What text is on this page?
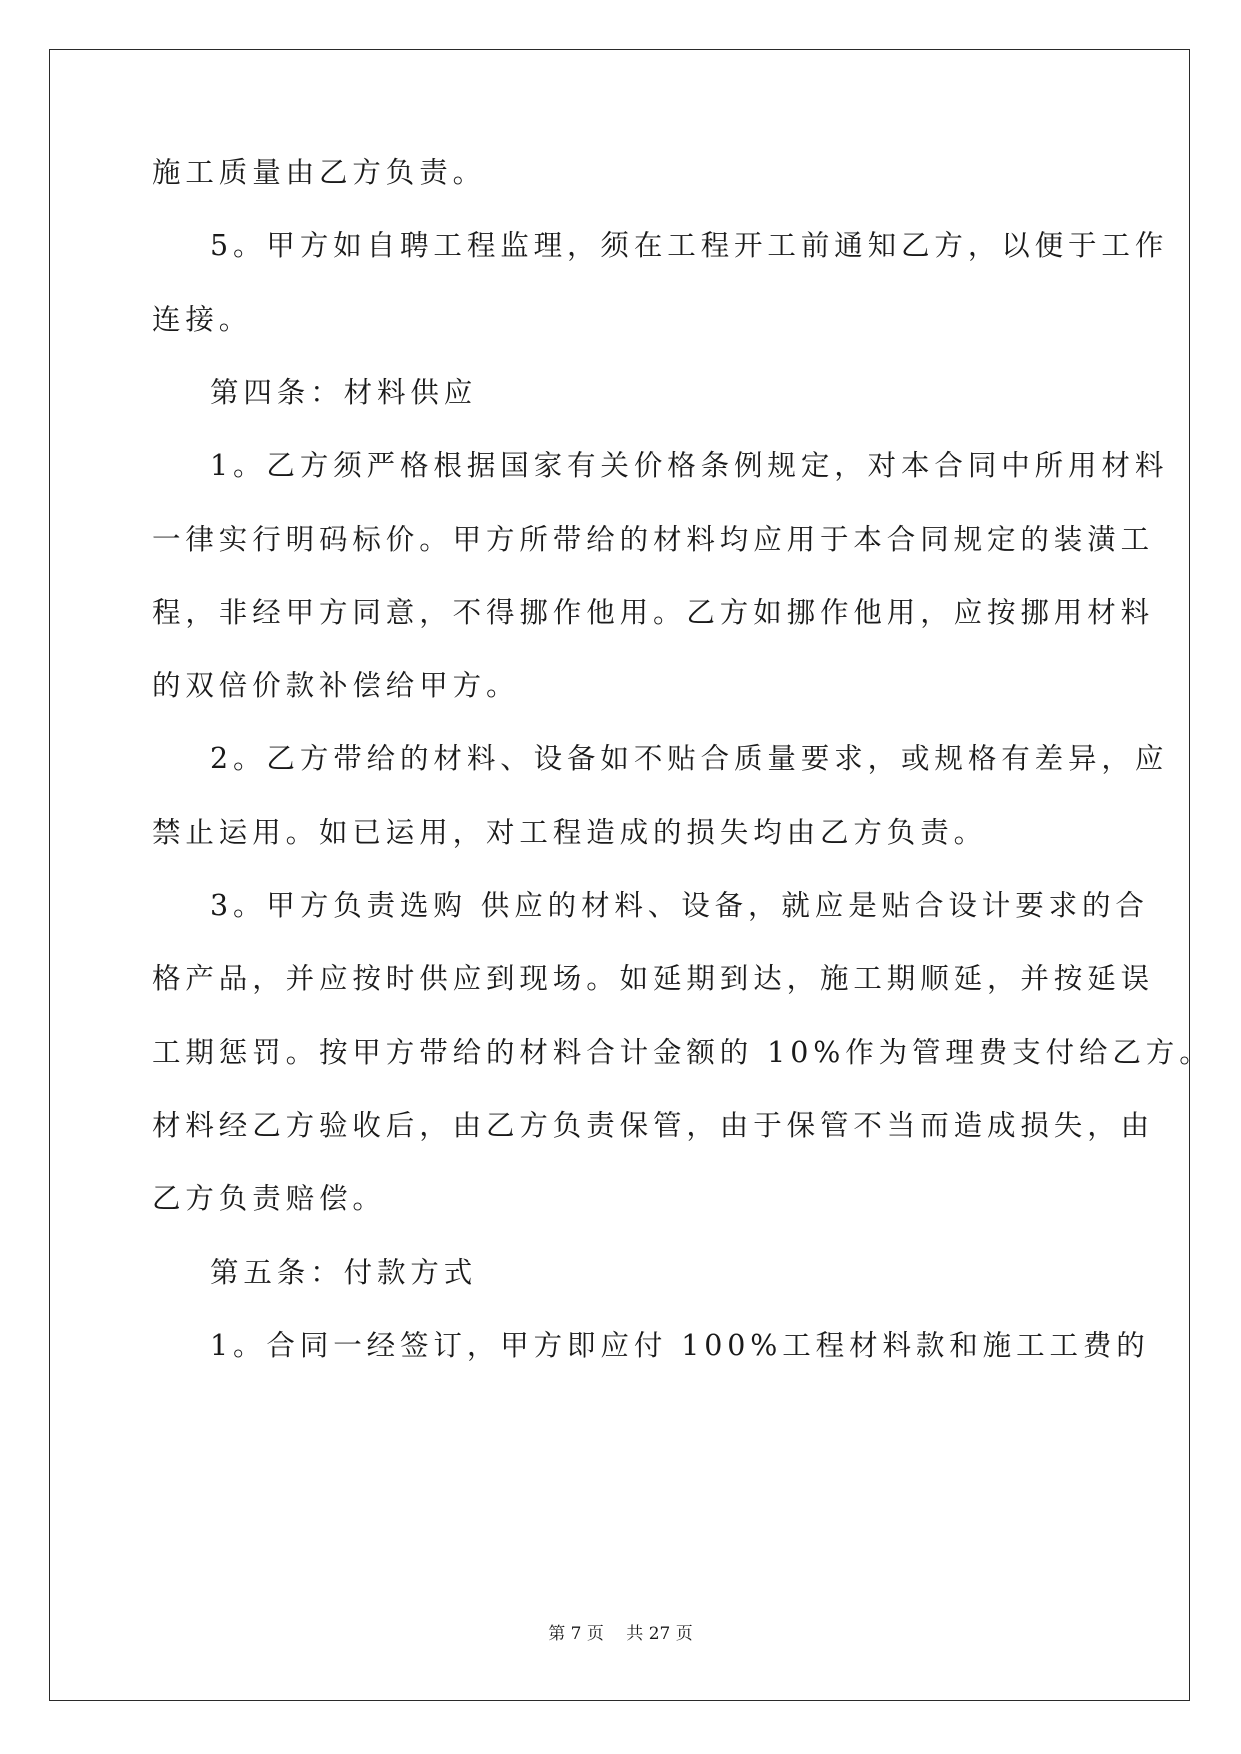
施工质量由乙方负责。
5。甲方如自聘工程监理，须在工程开工前通知乙方，以便于工作
连接。
第四条：材料供应
1。乙方须严格根据国家有关价格条例规定，对本合同中所用材料
一律实行明码标价。甲方所带给的材料均应用于本合同规定的装潢工
程，非经甲方同意，不得挪作他用。乙方如挪作他用，应按挪用材料
的双倍价款补偿给甲方。
2。乙方带给的材料、设备如不贴合质量要求，或规格有差异，应
禁止运用。如已运用，对工程造成的损失均由乙方负责。
3。甲方负责选购 供应的材料、设备，就应是贴合设计要求的合
格产品，并应按时供应到现场。如延期到达，施工期顺延，并按延误
工期惩罚。按甲方带给的材料合计金额的 10%作为管理费支付给乙方。
材料经乙方验收后，由乙方负责保管，由于保管不当而造成损失，由
乙方负责赔偿。
第五条：付款方式
1。合同一经签订，甲方即应付 100%工程材料款和施工工费的
第 7 页　 共 27 页
